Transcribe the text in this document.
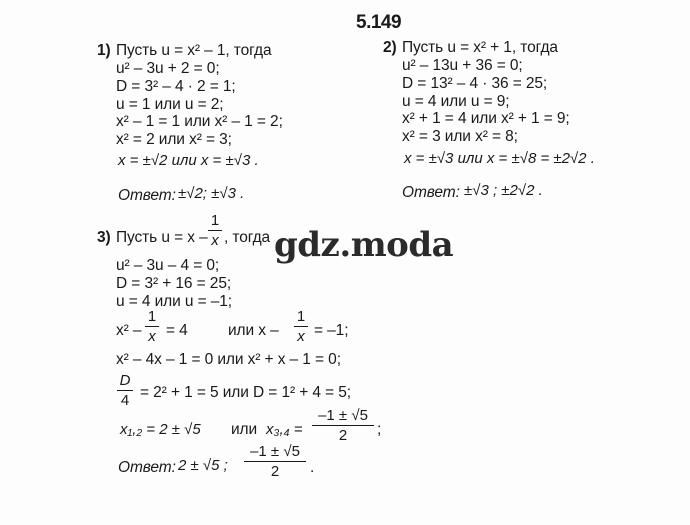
5.149
1) Пусть u = x² – 1, тогда
u² – 3u + 2 = 0;
D = 3² – 4 · 2 = 1;
u = 1 или u = 2;
x² – 1 = 1 или x² – 1 = 2;
x² = 2 или x² = 3;
x = ±√2 или x = ±√3 .
Ответ: ±√2; ±√3 .
2) Пусть u = x² + 1, тогда
u² – 13u + 36 = 0;
D = 13² – 4 · 36 = 25;
u = 4 или u = 9;
x² + 1 = 4 или x² + 1 = 9;
x² = 3 или x² = 8;
x = ±√3 или x = ±√8 = ±2√2 .
Ответ: ±√3 ; ±2√2 .
gdz.moda
3) Пусть u = x –
1
x , тогда
u² – 3u – 4 = 0;
D = 3² + 16 = 25;
u = 4 или u = –1;
x² –
1
x = 4	или x –
1
x = –1;
x² – 4x – 1 = 0 или x² + x – 1 = 0;
D
4 = 2² + 1 = 5 или D = 1² + 4 = 5;
x₁,₂ = 2 ± √5 или x₃,₄ =
–1 ± √5
2	;
Ответ: 2 ± √5 ;
–1 ± √5
2	.
